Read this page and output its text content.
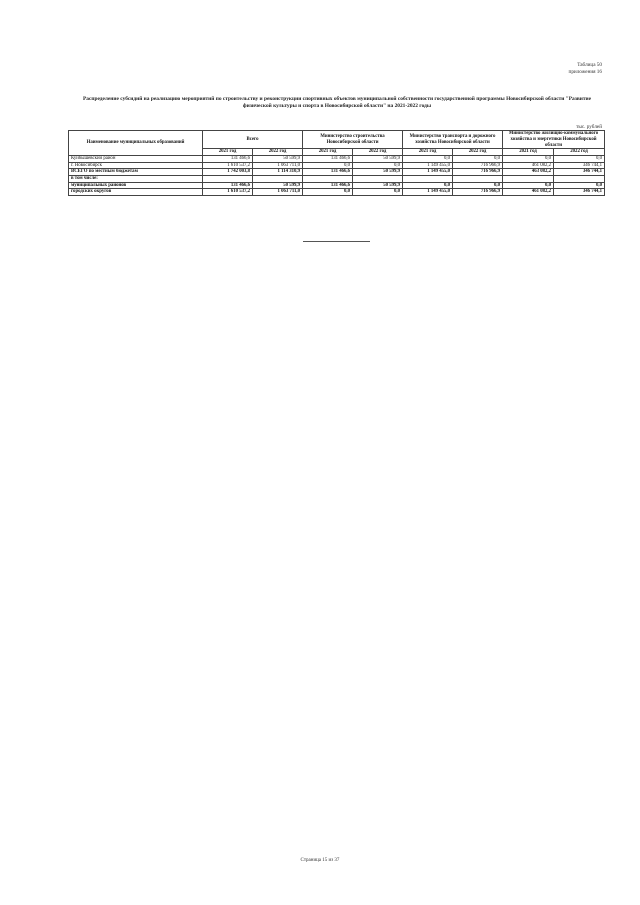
Таблица 50
приложения 16
Распределение субсидий на реализацию мероприятий по строительству и реконструкции спортивных объектов муниципальной собственности государственной программы Новосибирской области "Развитие физической культуры и спорта в Новосибирской области" на 2021-2022 годы
тыс. рублей
Наименование муниципальных образований	Всего		Министерство строительства Новосибирской области		Министерство транспорта и дорожного хозяйства Новосибирской области		Министерство жилищно-коммунального хозяйства и энергетики Новосибирской области	
	2021 год	2022 год	2021 год	2022 год	2021 год	2022 год	2021 год	2022 год
Куйбышевский район	131 466,6	50 599,9	131 466,6	50 599,9	0,0	0,0	0,0	0,0
г. Новосибирск	1 610 537,2	1 063 711,0	0,0	0,0	1 149 455,0	716 966,9	461 082,2	346 744,1
ВСЕГО по местным бюджетам	1 742 003,8	1 114 310,9	131 466,6	50 599,9	1 149 455,0	716 966,9	463 082,2	346 744,1
в том числе:								
муниципальных районов	131 466,6	50 599,9	131 466,6	50 599,9	0,0	0,0	0,0	0,0
городских округов	1 610 537,2	1 063 711,0	0,0	0,0	1 149 455,0	716 966,9	461 082,2	346 744,1
Страница 15 из 37
